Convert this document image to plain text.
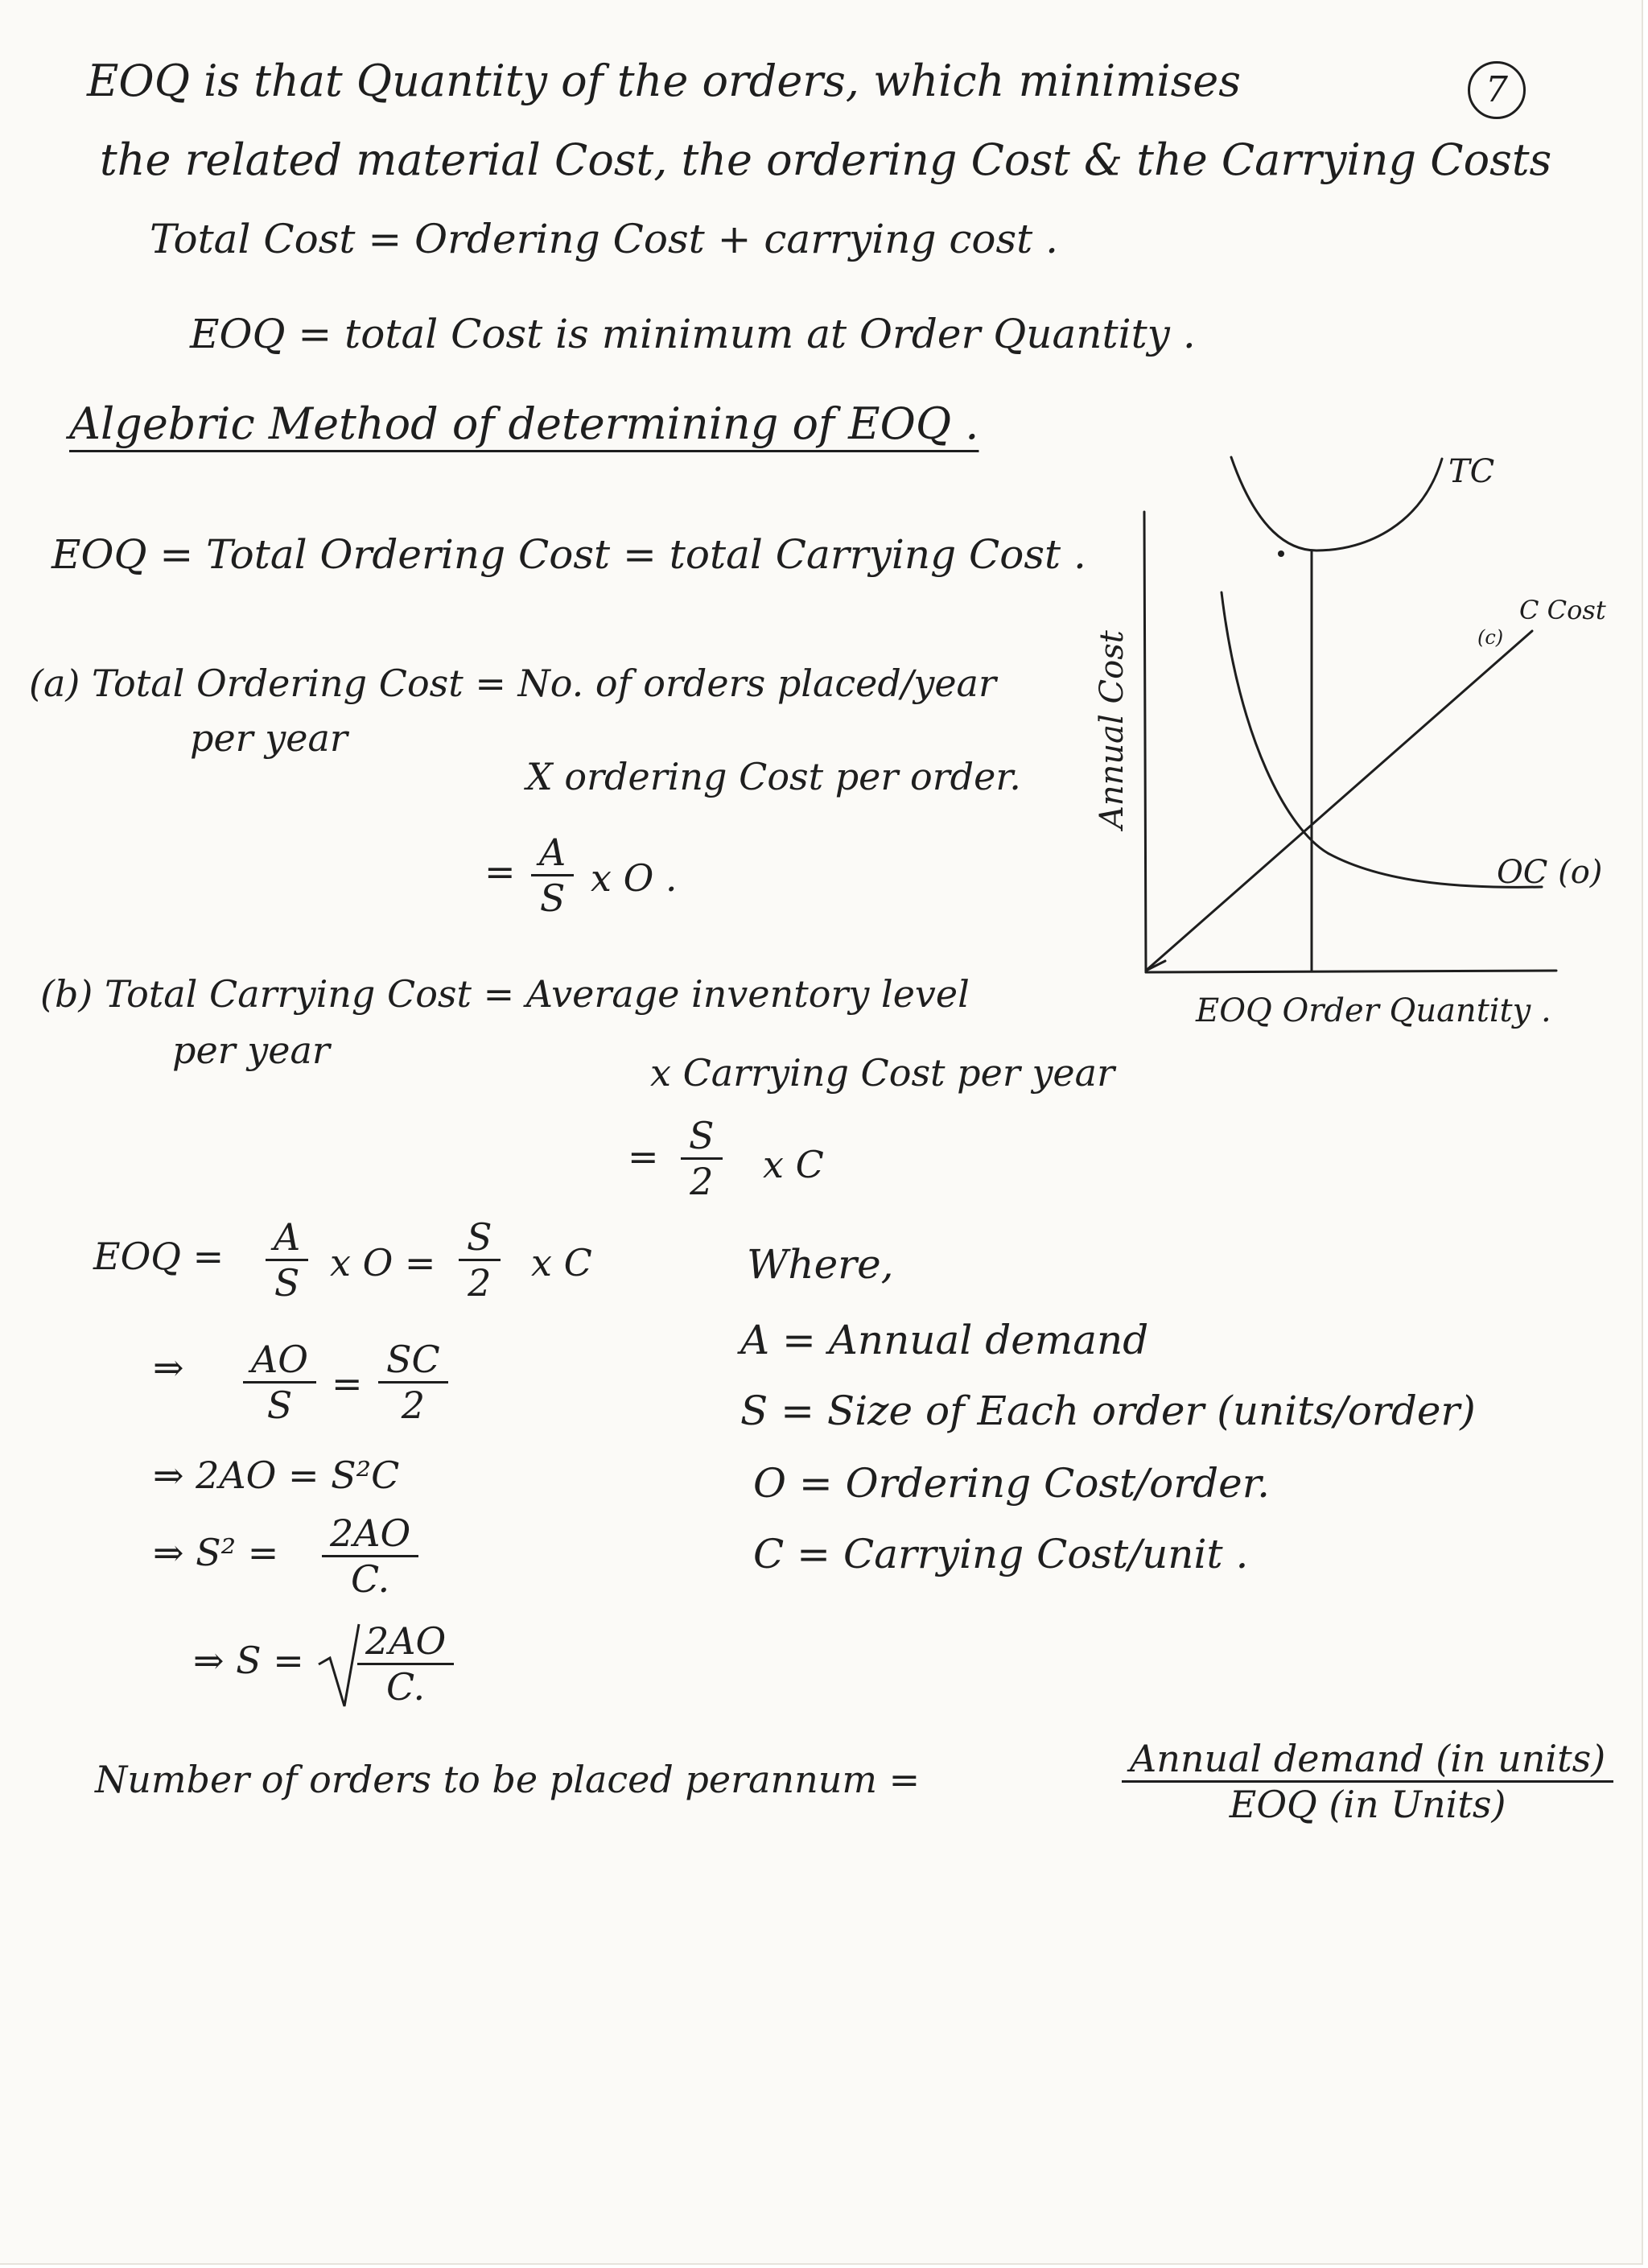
7
EOQ is that Quantity of the orders, which minimises
the related material Cost, the ordering Cost & the Carrying Costs
Total Cost = Ordering Cost + carrying cost .
EOQ = total Cost is minimum at Order Quantity .
Algebric Method of determining of EOQ .
EOQ = Total Ordering Cost = total Carrying Cost .
(a) Total Ordering Cost = No. of orders placed/year
per year
X ordering Cost per order.
= $\frac{A}{S}$ x O .
(b) Total Carrying Cost = Average inventory level
per year
x Carrying Cost per year
= $\frac{S}{2}$ x C
EOQ = $\frac{A}{S}$ x $O = \frac{S}{2}$ x C
⇒ $\frac{AO}{S} = \frac{SC}{2}$
⇒ 2AO = S²C
⇒ $S^2 = \frac{2AO}{C.}$
⇒ $S = \frac{2AO}{C.}$
Where,
A = Annual demand
S = Size of Each order (units/order)
O = Ordering Cost/order.
C = Carrying Cost/unit .
Number of orders to be placed perannum =	Annual demand (in units)
EOQ (in Units)
Annual Cost
EOQ Order Quantity .
TC
C Cost
(c)
OC (o)
